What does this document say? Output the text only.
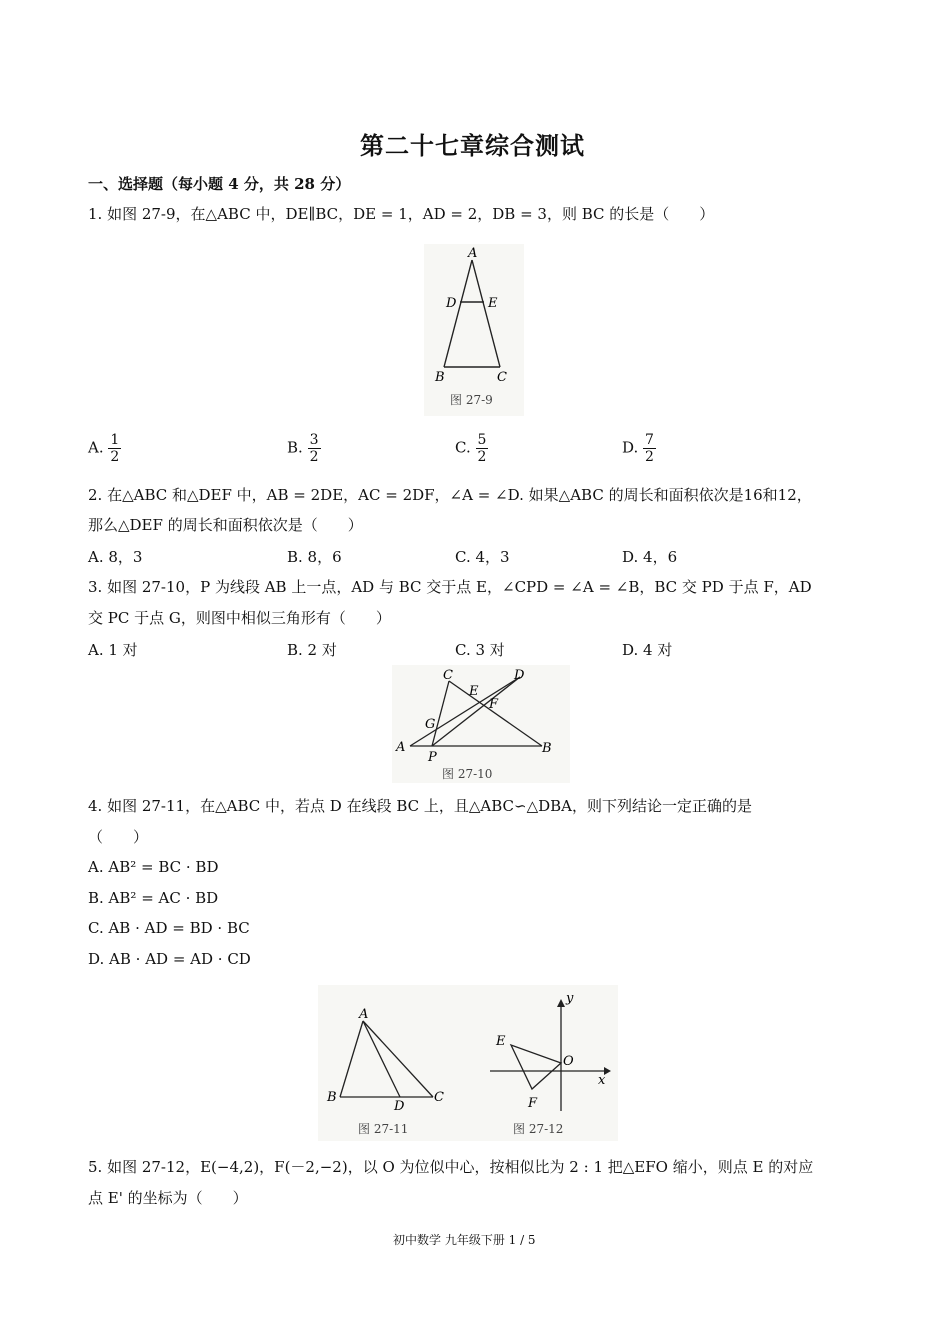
第二十七章综合测试
一、选择题（每小题 4 分，共 28 分）
1. 如图 27-9，在△ABC 中，DE∥BC，DE = 1，AD = 2，DB = 3，则 BC 的长是（　　）
A
D E
B	C
图 27-9
A. $\frac{1}{2}$	B. $\frac{3}{2}$	C. $\frac{5}{2}$	D. $\frac{7}{2}$
2. 在△ABC 和△DEF 中，AB = 2DE，AC = 2DF，∠A = ∠D. 如果△ABC 的周长和面积依次是16和12，
那么△DEF 的周长和面积依次是（　　）
A. 8，3	B. 8，6	C. 4，3	D. 4，6
3. 如图 27-10，P 为线段 AB 上一点，AD 与 BC 交于点 E，∠CPD = ∠A = ∠B，BC 交 PD 于点 F，AD
交 PC 于点 G，则图中相似三角形有（　　）
A. 1 对	B. 2 对	C. 3 对	D. 4 对
C
E
D
F
G
A
P
B
图 27-10
4. 如图 27-11，在△ABC 中，若点 D 在线段 BC 上，且△ABC∽△DBA，则下列结论一定正确的是
（　　）
A. AB² = BC · BD
B. AB² = AC · BD
C. AB · AD = BD · BC
D. AB · AD = AD · CD
A
B
D
C
图 27-11
y
x
E
O
F
图 27-12
5. 如图 27-12，E(−4,2)，F(－2,−2)，以 O 为位似中心，按相似比为 2 : 1 把△EFO 缩小，则点 E 的对应
点 E' 的坐标为（　　）
初中数学 九年级下册 1 / 5
